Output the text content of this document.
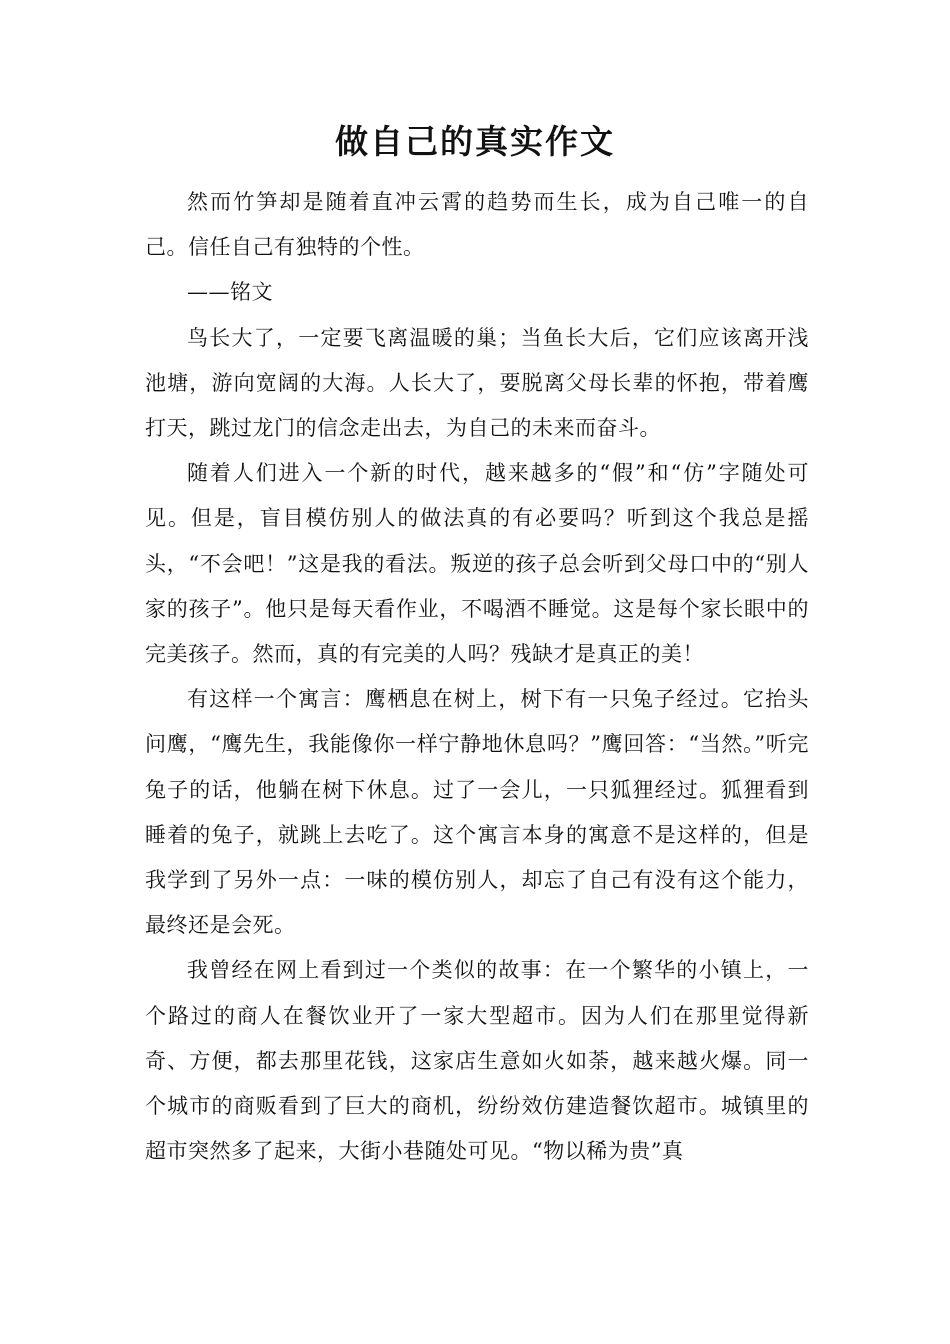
做自己的真实作文

然而竹笋却是随着直冲云霄的趋势而生长，成为自己唯一的自己。信任自己有独特的个性。

——铭文

鸟长大了，一定要飞离温暖的巢；当鱼长大后，它们应该离开浅池塘，游向宽阔的大海。人长大了，要脱离父母长辈的怀抱，带着鹰打天，跳过龙门的信念走出去，为自己的未来而奋斗。

随着人们进入一个新的时代，越来越多的“假”和“仿”字随处可见。但是，盲目模仿别人的做法真的有必要吗？听到这个我总是摇头，“不会吧！”这是我的看法。叛逆的孩子总会听到父母口中的“别人家的孩子”。他只是每天看作业，不喝酒不睡觉。这是每个家长眼中的完美孩子。然而，真的有完美的人吗？残缺才是真正的美！

有这样一个寓言：鹰栖息在树上，树下有一只兔子经过。它抬头问鹰，“鹰先生，我能像你一样宁静地休息吗？”鹰回答：“当然。”听完兔子的话，他躺在树下休息。过了一会儿，一只狐狸经过。狐狸看到睡着的兔子，就跳上去吃了。这个寓言本身的寓意不是这样的，但是我学到了另外一点：一味的模仿别人，却忘了自己有没有这个能力，最终还是会死。

我曾经在网上看到过一个类似的故事：在一个繁华的小镇上，一个路过的商人在餐饮业开了一家大型超市。因为人们在那里觉得新奇、方便，都去那里花钱，这家店生意如火如荼，越来越火爆。同一个城市的商贩看到了巨大的商机，纷纷效仿建造餐饮超市。城镇里的超市突然多了起来，大街小巷随处可见。“物以稀为贵”真
